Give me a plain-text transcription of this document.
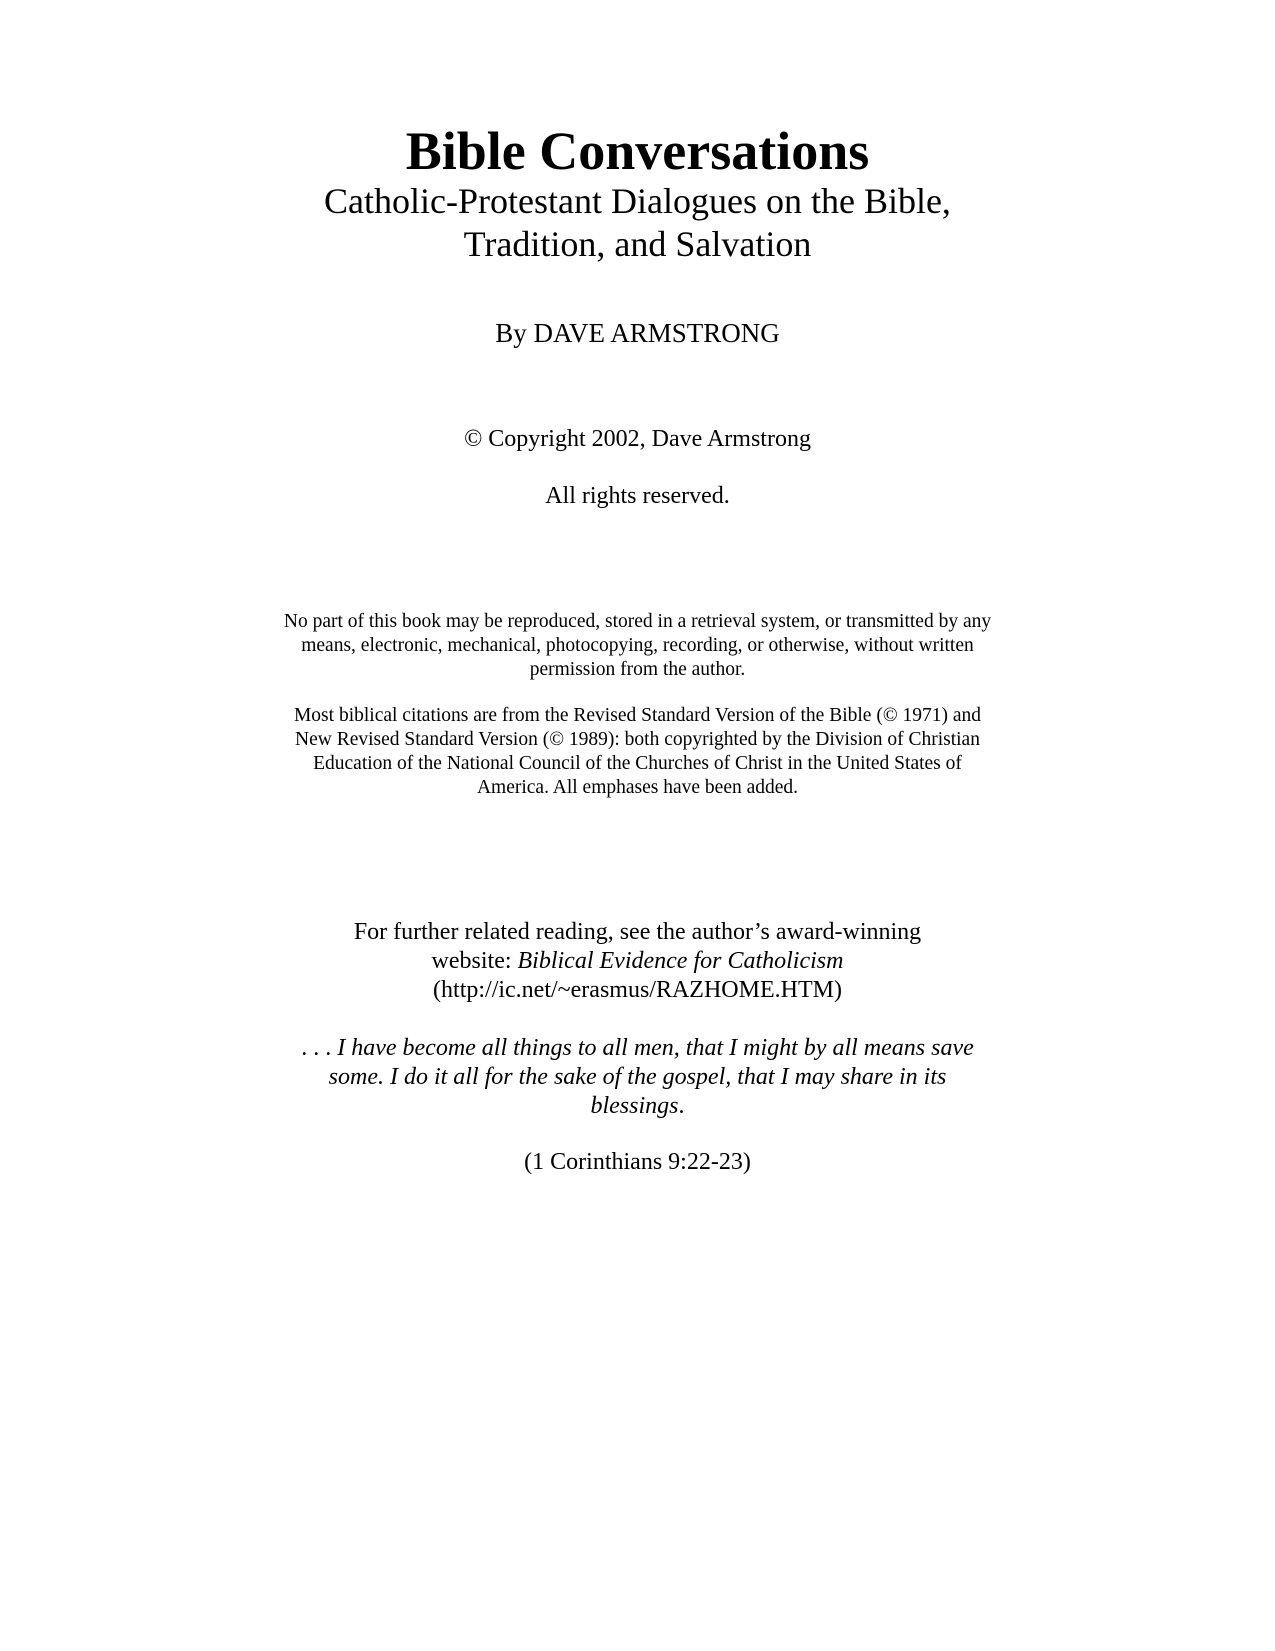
Bible Conversations
Catholic-Protestant Dialogues on the Bible,
Tradition, and Salvation
By DAVE ARMSTRONG
© Copyright 2002, Dave Armstrong
All rights reserved.

No part of this book may be reproduced, stored in a retrieval system, or transmitted by any means, electronic, mechanical, photocopying, recording, or otherwise, without written permission from the author.

Most biblical citations are from the Revised Standard Version of the Bible (© 1971) and New Revised Standard Version (© 1989): both copyrighted by the Division of Christian Education of the National Council of the Churches of Christ in the United States of America. All emphases have been added.

For further related reading, see the author’s award-winning
website: Biblical Evidence for Catholicism
(http://ic.net/~erasmus/RAZHOME.HTM)

. . . I have become all things to all men, that I might by all means save some. I do it all for the sake of the gospel, that I may share in its blessings.

(1 Corinthians 9:22-23)
